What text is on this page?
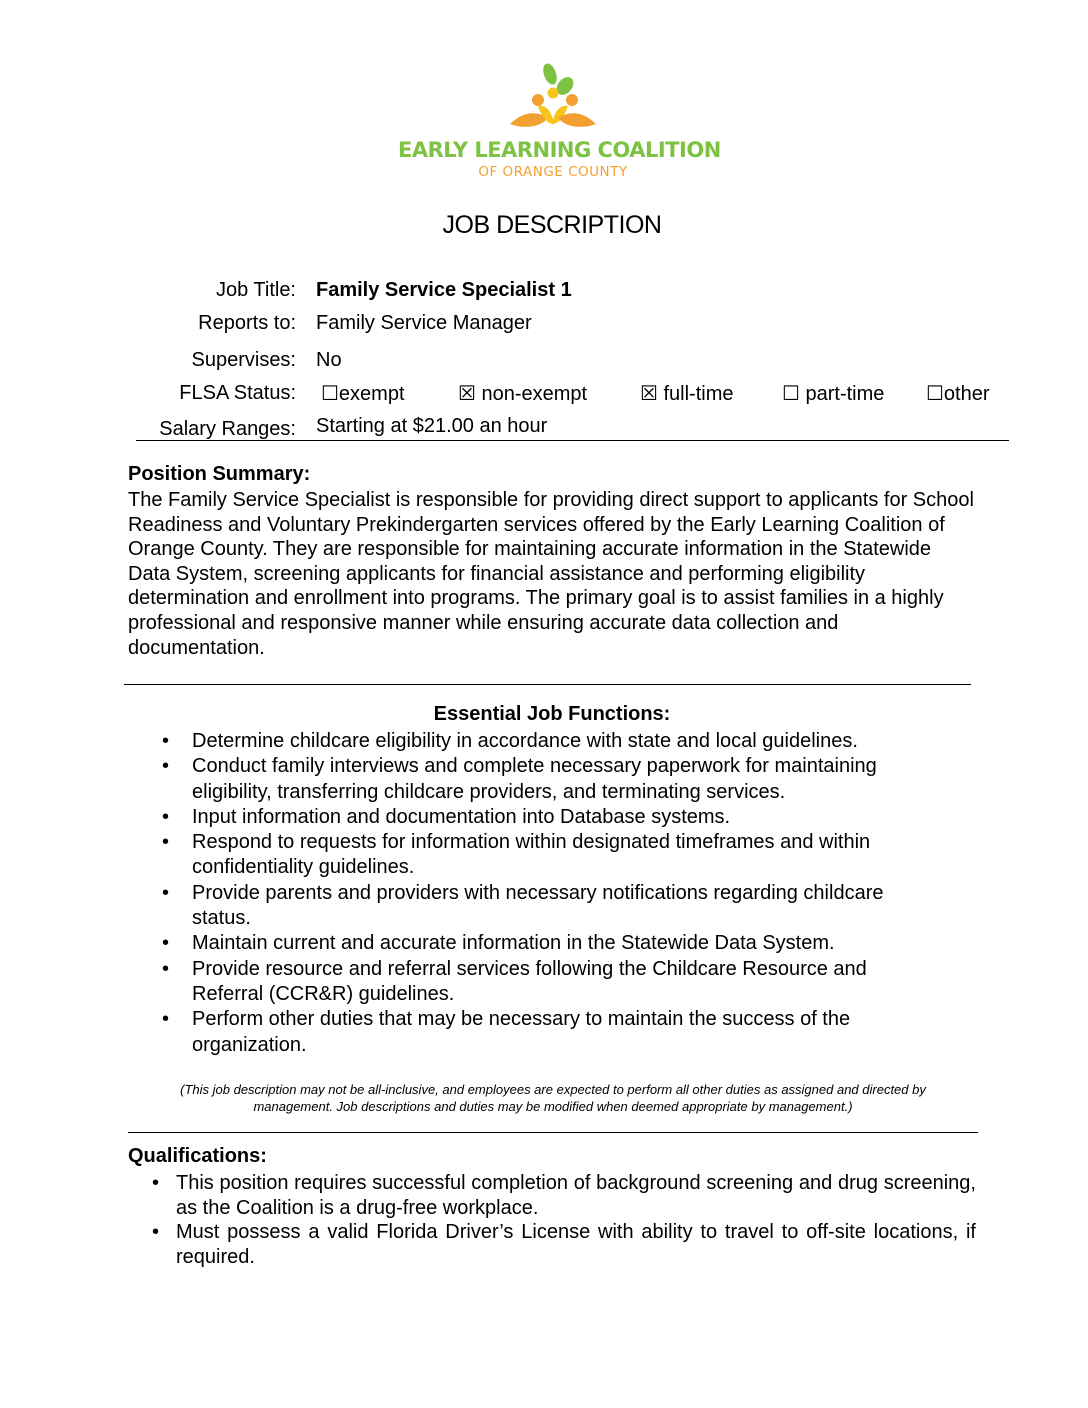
EARLY LEARNING COALITION
OF ORANGE COUNTY
JOB DESCRIPTION
Job Title: Family Service Specialist 1
Reports to: Family Service Manager
Supervises: No
FLSA Status: ☐exempt	☒ non-exempt	☒ full-time ☐ part-time ☐other
Salary Ranges: Starting at $21.00 an hour
Position Summary:
The Family Service Specialist is responsible for providing direct support to applicants for School Readiness and Voluntary Prekindergarten services offered by the Early Learning Coalition of Orange County. They are responsible for maintaining accurate information in the Statewide Data System, screening applicants for financial assistance and performing eligibility determination and enrollment into programs. The primary goal is to assist families in a highly professional and responsive manner while ensuring accurate data collection and documentation.
Essential Job Functions:
• Determine childcare eligibility in accordance with state and local guidelines.
• Conduct family interviews and complete necessary paperwork for maintaining eligibility, transferring childcare providers, and terminating services.
• Input information and documentation into Database systems.
• Respond to requests for information within designated timeframes and within confidentiality guidelines.
• Provide parents and providers with necessary notifications regarding childcare status.
• Maintain current and accurate information in the Statewide Data System.
• Provide resource and referral services following the Childcare Resource and Referral (CCR&R) guidelines.
• Perform other duties that may be necessary to maintain the success of the organization.
(This job description may not be all-inclusive, and employees are expected to perform all other duties as assigned and directed by management. Job descriptions and duties may be modified when deemed appropriate by management.)
Qualifications:
• This position requires successful completion of background screening and drug screening, as the Coalition is a drug-free workplace.
• Must possess a valid Florida Driver’s License with ability to travel to off-site locations, if required.
